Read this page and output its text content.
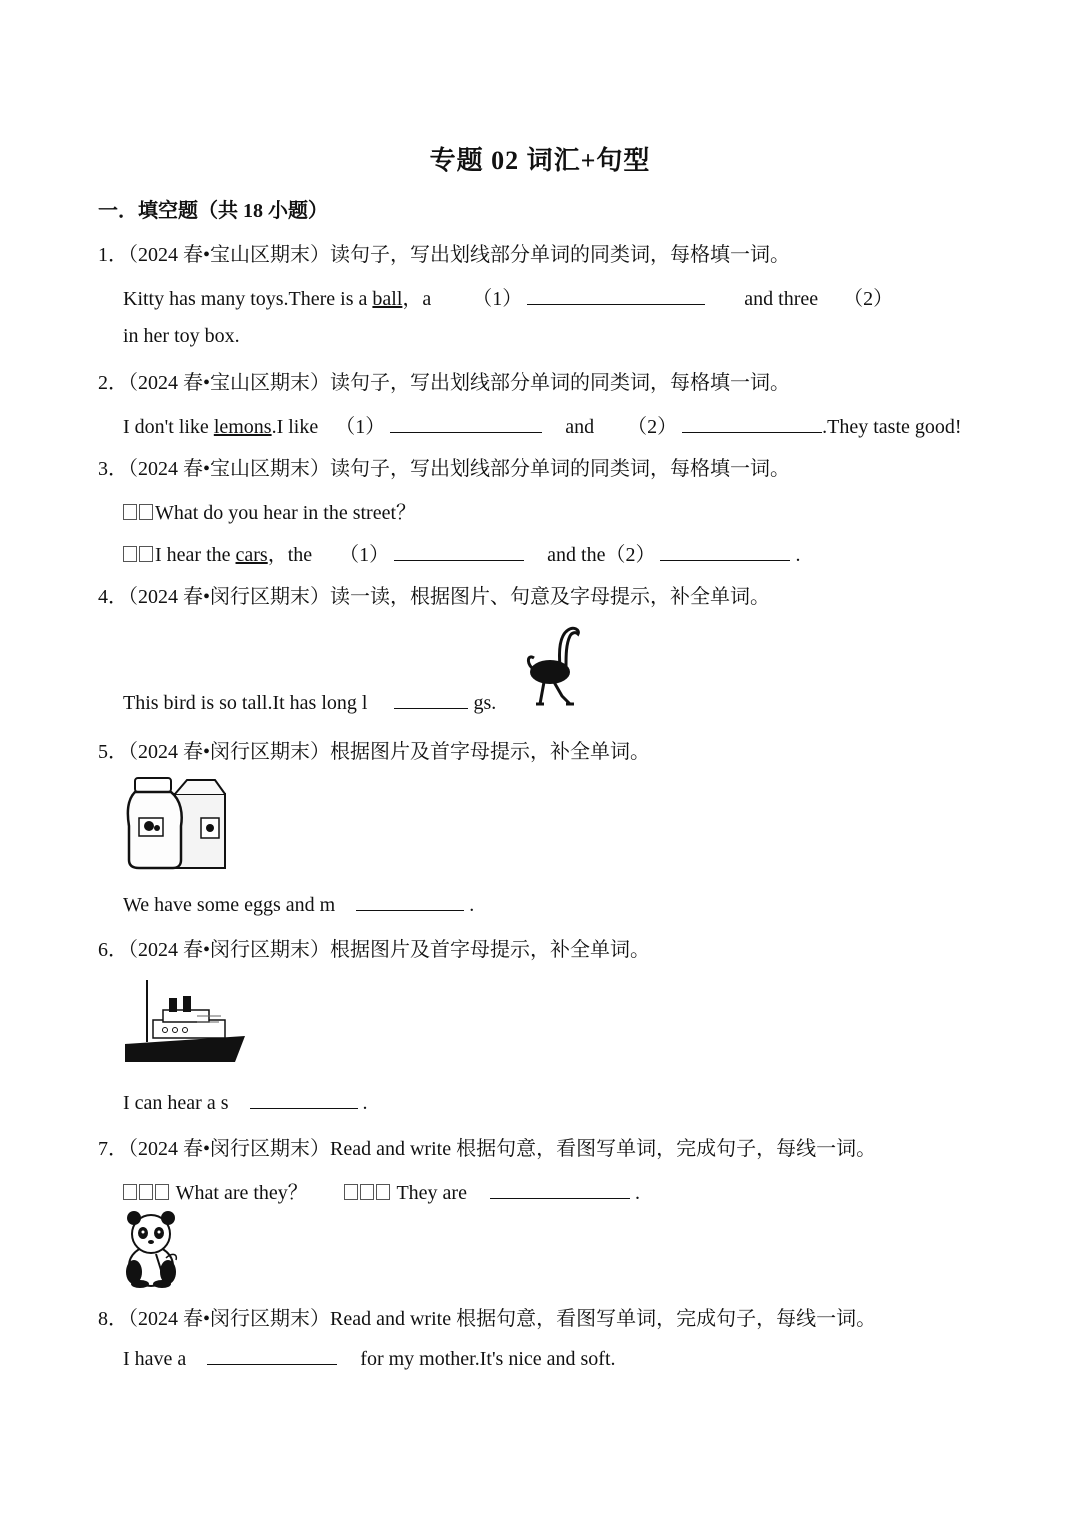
专题 02 词汇+句型
一．填空题（共 18 小题）
1．（2024 春•宝山区期末）读句子，写出划线部分单词的同类词，每格填一词。
Kitty has many toys.There is a ball，a （1）	and three （2）
in her toy box.
2．（2024 春•宝山区期末）读句子，写出划线部分单词的同类词，每格填一词。
I don't like lemons.I like （1）	and （2）	.They taste good!
3．（2024 春•宝山区期末）读句子，写出划线部分单词的同类词，每格填一词。
What do you hear in the street？
I hear the cars，the （1）	and the（2）	.
4．（2024 春•闵行区期末）读一读，根据图片、句意及字母提示，补全单词。
This bird is so tall.It has long l	gs.
5．（2024 春•闵行区期末）根据图片及首字母提示，补全单词。
We have some eggs and m	.
6．（2024 春•闵行区期末）根据图片及首字母提示，补全单词。
I can hear a s	.
7．（2024 春•闵行区期末）Read and write 根据句意，看图写单词，完成句子，每线一词。
What are they？	They are	.
8．（2024 春•闵行区期末）Read and write 根据句意，看图写单词，完成句子，每线一词。
I have a	for my mother.It's nice and soft.
